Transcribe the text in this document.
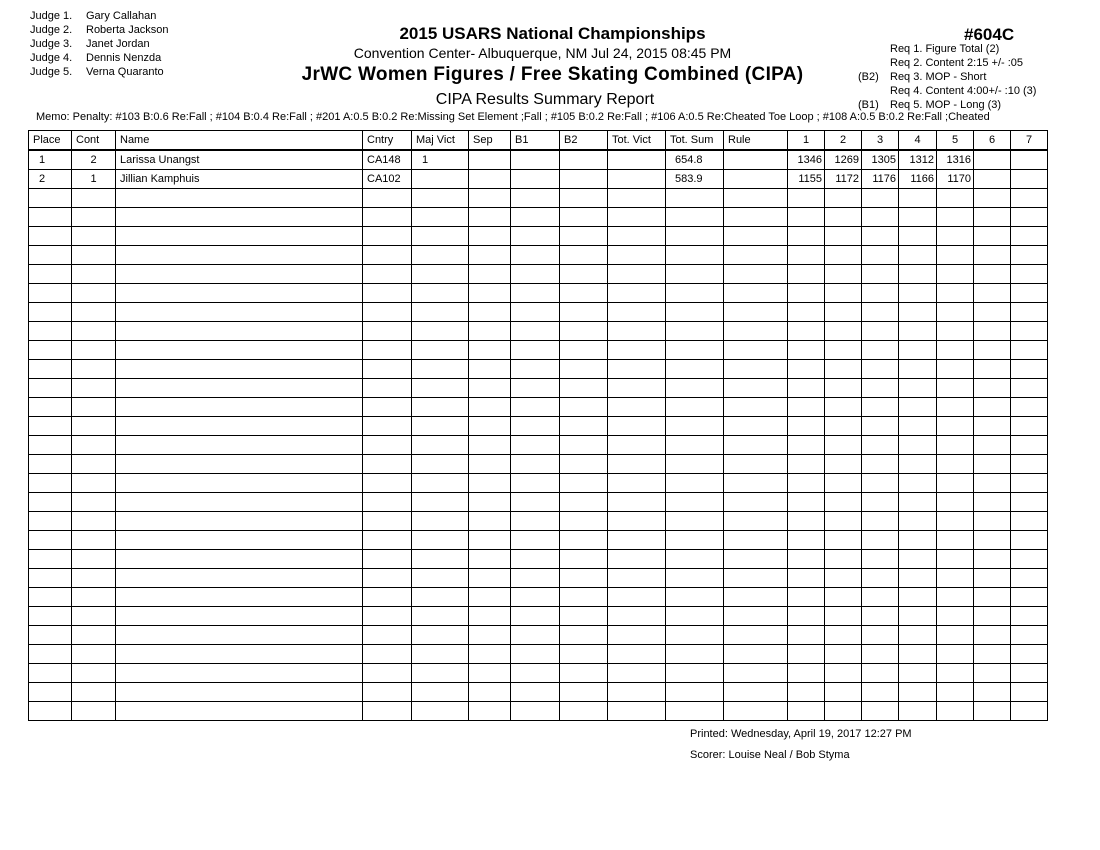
Judge 1. Gary Callahan
Judge 2. Roberta Jackson
Judge 3. Janet Jordan
Judge 4. Dennis Nenzda
Judge 5. Verna Quaranto
2015 USARS National Championships
Convention Center- Albuquerque, NM Jul 24, 2015 08:45 PM
JrWC Women Figures / Free Skating Combined (CIPA)
CIPA Results Summary Report
#604C
Req 1. Figure Total (2)
Req 2. Content 2:15 +/- :05
(B2) Req 3. MOP - Short
Req 4. Content 4:00+/- :10 (3)
(B1) Req 5. MOP - Long (3)
Memo: Penalty: #103 B:0.6 Re:Fall ; #104 B:0.4 Re:Fall ; #201 A:0.5 B:0.2 Re:Missing Set Element ;Fall ; #105 B:0.2 Re:Fall ; #106 A:0.5 Re:Cheated Toe Loop ; #108 A:0.5 B:0.2 Re:Fall ;Cheated
Place	Cont	Name	Cntry	Maj Vict	Sep	B1	B2	Tot. Vict	Tot. Sum	Rule	1	2	3	4	5	6	7
1	2	Larissa Unangst	CA148	1					654.8		1346	1269	1305	1312	1316		
2	1	Jillian Kamphuis	CA102						583.9		1155	1172	1176	1166	1170		

Printed: Wednesday, April 19, 2017 12:27 PM
Scorer: Louise Neal / Bob Styma
